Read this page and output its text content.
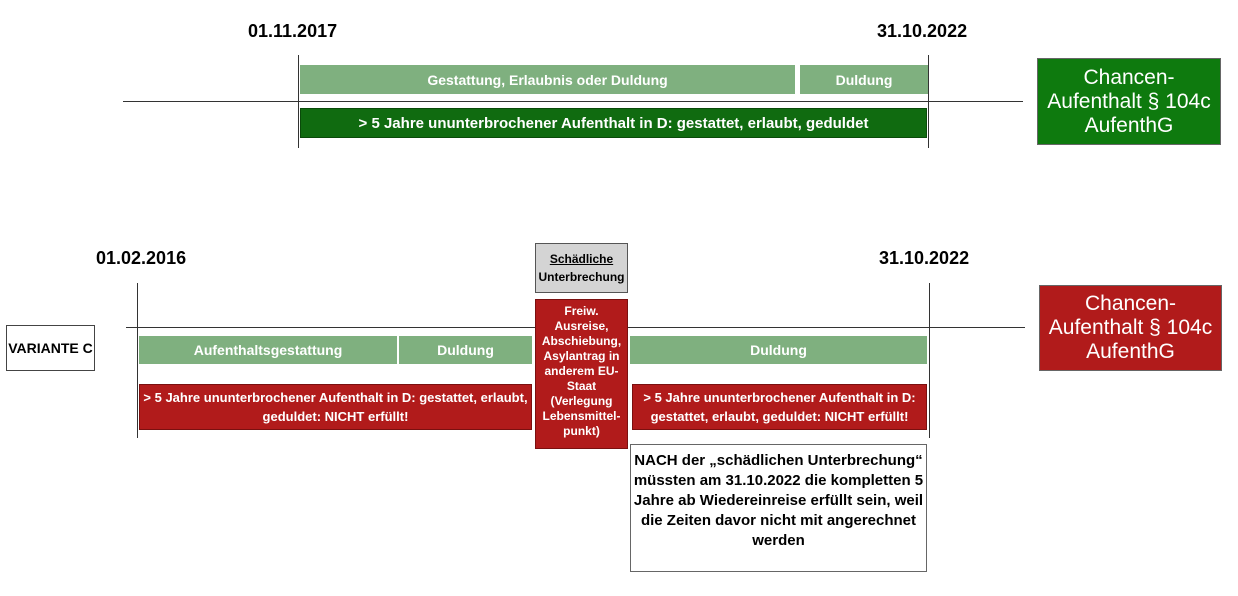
01.11.2017	31.10.2022
Gestattung, Erlaubnis oder Duldung	Duldung
> 5 Jahre ununterbrochener Aufenthalt in D: gestattet, erlaubt, geduldet
Chancen-Aufenthalt § 104c AufenthG
01.02.2016	31.10.2022
VARIANTE C
Schädliche
Unterbrechung
Freiw. Ausreise, Abschiebung, Asylantrag in anderem EU-Staat (Verlegung Lebensmittel-punkt)
Aufenthaltsgestattung	Duldung	Duldung
> 5 Jahre ununterbrochener Aufenthalt in D: gestattet, erlaubt, geduldet: NICHT erfüllt!
> 5 Jahre ununterbrochener Aufenthalt in D: gestattet, erlaubt, geduldet: NICHT erfüllt!
NACH der „schädlichen Unterbrechung“ müssten am 31.10.2022 die kompletten 5 Jahre ab Wiedereinreise erfüllt sein, weil die Zeiten davor nicht mit angerechnet werden
Chancen-Aufenthalt § 104c AufenthG
